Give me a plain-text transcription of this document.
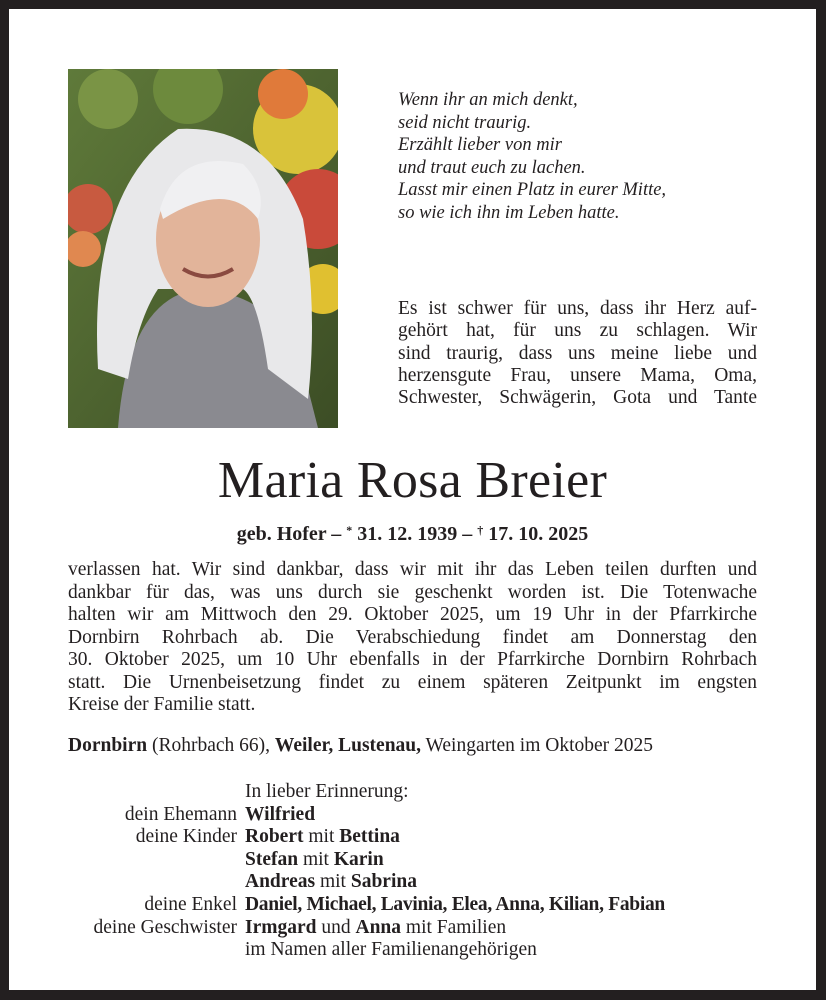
Wenn ihr an mich denkt,
seid nicht traurig.
Erzählt lieber von mir
und traut euch zu lachen.
Lasst mir einen Platz in eurer Mitte,
so wie ich ihn im Leben hatte.
Es ist schwer für uns, dass ihr Herz auf-
gehört hat, für uns zu schlagen. Wir
sind traurig, dass uns meine liebe und
herzensgute Frau, unsere Mama, Oma,
Schwester, Schwägerin, Gota und Tante
Maria Rosa Breier
geb. Hofer – * 31. 12. 1939 – † 17. 10. 2025
verlassen hat. Wir sind dankbar, dass wir mit ihr das Leben teilen durften und
dankbar für das, was uns durch sie geschenkt worden ist. Die Totenwache
halten wir am Mittwoch den 29. Oktober 2025, um 19 Uhr in der Pfarrkirche
Dornbirn Rohrbach ab. Die Verabschiedung findet am Donnerstag den
30. Oktober 2025, um 10 Uhr ebenfalls in der Pfarrkirche Dornbirn Rohrbach
statt. Die Urnenbeisetzung findet zu einem späteren Zeitpunkt im engsten
Kreise der Familie statt.
Dornbirn (Rohrbach 66), Weiler, Lustenau, Weingarten im Oktober 2025
In lieber Erinnerung:
dein Ehemann Wilfried
deine Kinder Robert mit Bettina
Stefan mit Karin
Andreas mit Sabrina
deine Enkel Daniel, Michael, Lavinia, Elea, Anna, Kilian, Fabian
deine Geschwister Irmgard und Anna mit Familien
im Namen aller Familienangehörigen
